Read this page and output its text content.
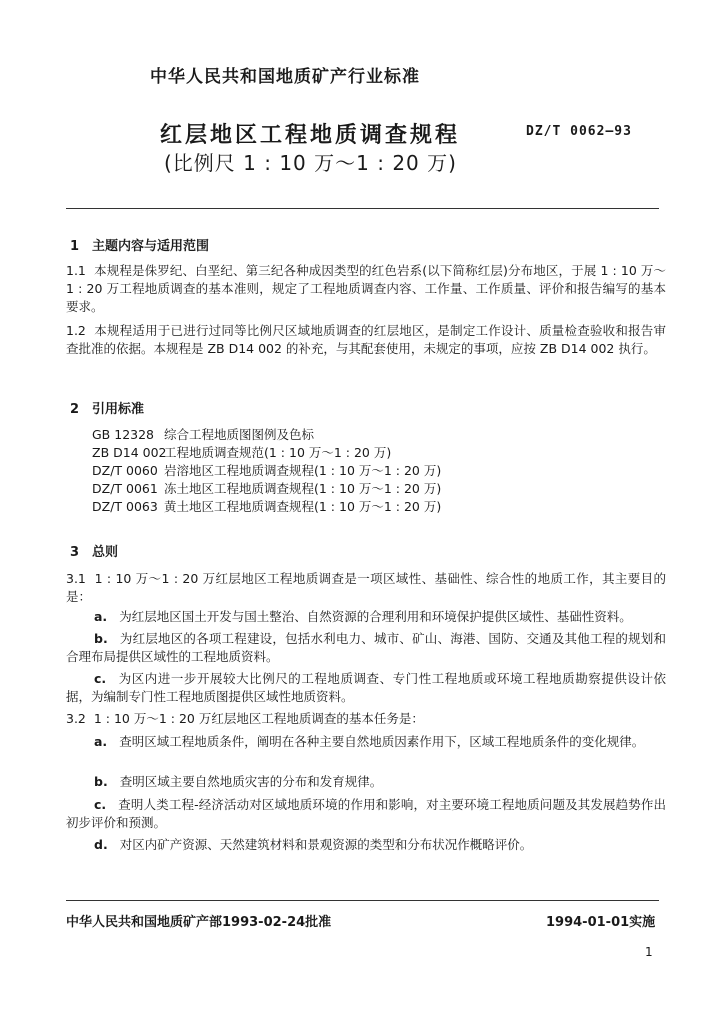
中华人民共和国地质矿产行业标准
红层地区工程地质调查规程
(比例尺 1 : 10 万～1 : 20 万)
DZ/T 0062—93
1　主题内容与适用范围
1.1 本规程是侏罗纪、白垩纪、第三纪各种成因类型的红色岩系(以下简称红层)分布地区，于展 1 : 10 万～1 : 20 万工程地质调查的基本准则，规定了工程地质调查内容、工作量、工作质量、评价和报告编写的基本要求。
1.2 本规程适用于已进行过同等比例尺区域地质调查的红层地区，是制定工作设计、质量检查验收和报告审查批准的依据。本规程是 ZB D14 002 的补充，与其配套使用，未规定的事项，应按 ZB D14 002 执行。
2　引用标准
GB 12328 综合工程地质图图例及色标
ZB D14 002工程地质调查规范(1 : 10 万～1 : 20 万)
DZ/T 0060 岩溶地区工程地质调查规程(1 : 10 万～1 : 20 万)
DZ/T 0061 冻土地区工程地质调查规程(1 : 10 万～1 : 20 万)
DZ/T 0063 黄土地区工程地质调查规程(1 : 10 万～1 : 20 万)
3　总则
3.1 1 : 10 万～1 : 20 万红层地区工程地质调查是一项区域性、基础性、综合性的地质工作，其主要目的是：
a. 为红层地区国土开发与国土整治、自然资源的合理利用和环境保护提供区域性、基础性资料。
b. 为红层地区的各项工程建设，包括水利电力、城市、矿山、海港、国防、交通及其他工程的规划和合理布局提供区域性的工程地质资料。
c. 为区内进一步开展较大比例尺的工程地质调查、专门性工程地质或环境工程地质勘察提供设计依据，为编制专门性工程地质图提供区域性地质资料。
3.2 1 : 10 万～1 : 20 万红层地区工程地质调查的基本任务是：
a. 查明区域工程地质条件，阐明在各种主要自然地质因素作用下，区域工程地质条件的变化规律。
b. 查明区域主要自然地质灾害的分布和发育规律。
c. 查明人类工程-经济活动对区域地质环境的作用和影响，对主要环境工程地质问题及其发展趋势作出初步评价和预测。
d. 对区内矿产资源、天然建筑材料和景观资源的类型和分布状况作概略评价。
中华人民共和国地质矿产部1993-02-24批准	1994-01-01实施
1
